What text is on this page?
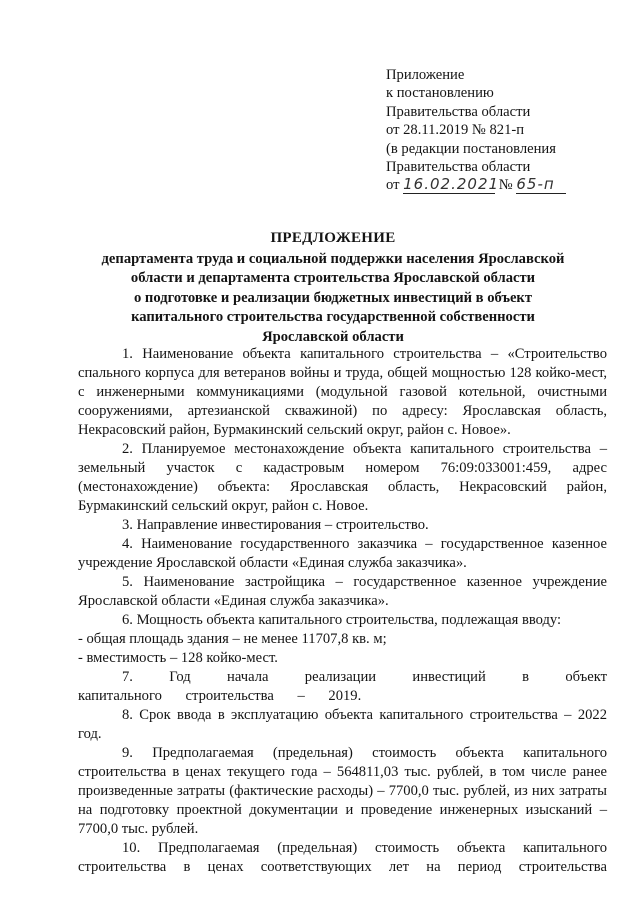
Приложение
к постановлению
Правительства области
от 28.11.2019 № 821-п
(в редакции постановления
Правительства области
от 16.02.2021 № 65-п
ПРЕДЛОЖЕНИЕ
департамента труда и социальной поддержки населения Ярославской
области и департамента строительства Ярославской области
о подготовке и реализации бюджетных инвестиций в объект
капитального строительства государственной собственности
Ярославской области
1. Наименование объекта капитального строительства – «Строительство спального корпуса для ветеранов войны и труда, общей мощностью 128 койко-мест, с инженерными коммуникациями (модульной газовой котельной, очистными сооружениями, артезианской скважиной) по адресу: Ярославская область, Некрасовский район, Бурмакинский сельский округ, район с. Новое».
2. Планируемое местонахождение объекта капитального строительства – земельный участок с кадастровым номером 76:09:033001:459, адрес (местонахождение) объекта: Ярославская область, Некрасовский район, Бурмакинский сельский округ, район с. Новое.
3. Направление инвестирования – строительство.
4. Наименование государственного заказчика – государственное казенное учреждение Ярославской области «Единая служба заказчика».
5. Наименование застройщика – государственное казенное учреждение Ярославской области «Единая служба заказчика».
6. Мощность объекта капитального строительства, подлежащая вводу:
- общая площадь здания – не менее 11707,8 кв. м;
- вместимость – 128 койко-мест.
7. Год начала реализации инвестиций в объект капитального строительства – 2019.
8. Срок ввода в эксплуатацию объекта капитального строительства – 2022 год.
9. Предполагаемая (предельная) стоимость объекта капитального строительства в ценах текущего года – 564811,03 тыс. рублей, в том числе ранее произведенные затраты (фактические расходы) – 7700,0 тыс. рублей, из них затраты на подготовку проектной документации и проведение инженерных изысканий – 7700,0 тыс. рублей.
10. Предполагаемая (предельная) стоимость объекта капитального строительства в ценах соответствующих лет на период строительства
